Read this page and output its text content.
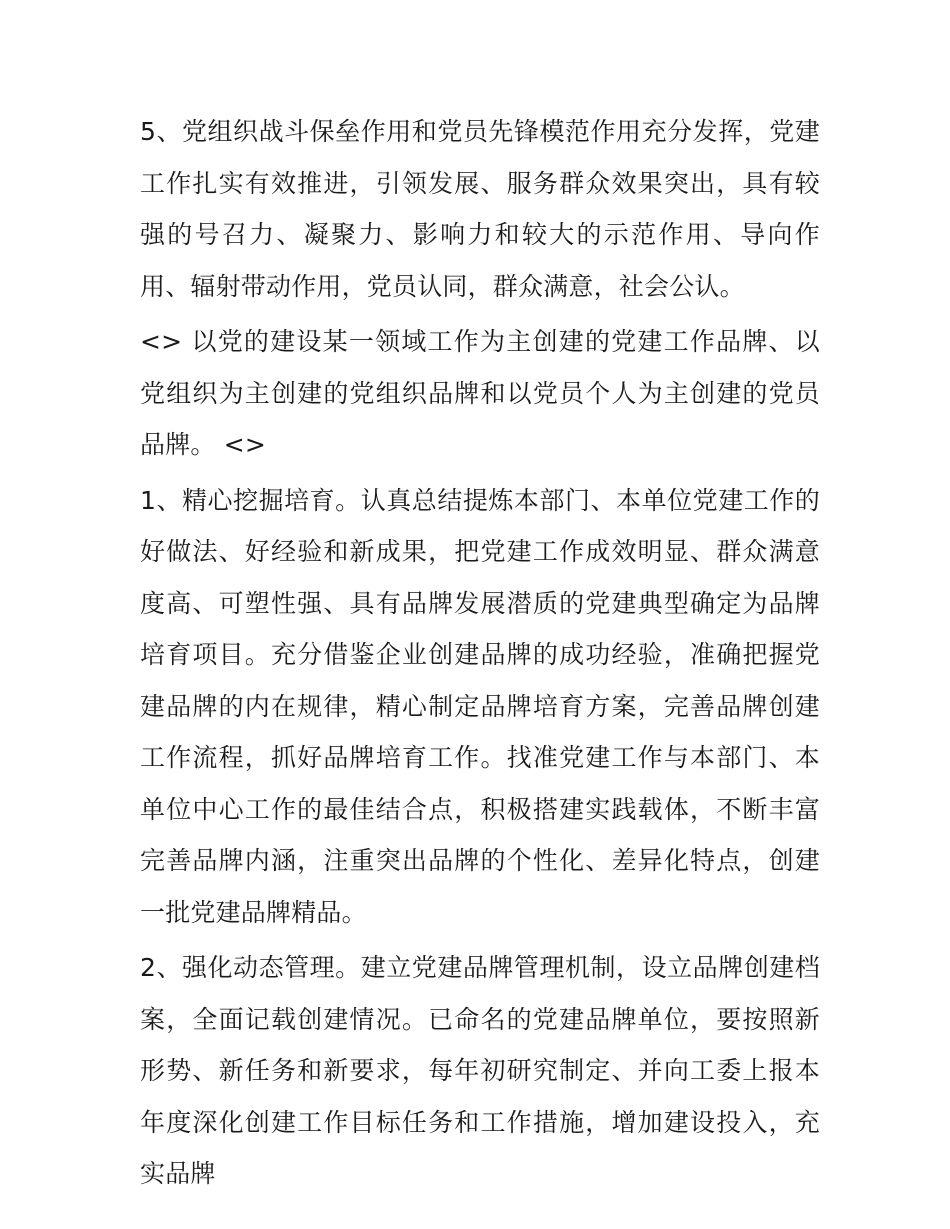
5、党组织战斗保垒作用和党员先锋模范作用充分发挥，党建工作扎实有效推进，引领发展、服务群众效果突出，具有较强的号召力、凝聚力、影响力和较大的示范作用、导向作用、辐射带动作用，党员认同，群众满意，社会公认。

<> 以党的建设某一领域工作为主创建的党建工作品牌、以党组织为主创建的党组织品牌和以党员个人为主创建的党员品牌。 <>

1、精心挖掘培育。认真总结提炼本部门、本单位党建工作的好做法、好经验和新成果，把党建工作成效明显、群众满意度高、可塑性强、具有品牌发展潜质的党建典型确定为品牌培育项目。充分借鉴企业创建品牌的成功经验，准确把握党建品牌的内在规律，精心制定品牌培育方案，完善品牌创建工作流程，抓好品牌培育工作。找准党建工作与本部门、本单位中心工作的最佳结合点，积极搭建实践载体，不断丰富完善品牌内涵，注重突出品牌的个性化、差异化特点，创建一批党建品牌精品。

2、强化动态管理。建立党建品牌管理机制，设立品牌创建档案，全面记载创建情况。已命名的党建品牌单位，要按照新形势、新任务和新要求，每年初研究制定、并向工委上报本年度深化创建工作目标任务和工作措施，增加建设投入，充实品牌
